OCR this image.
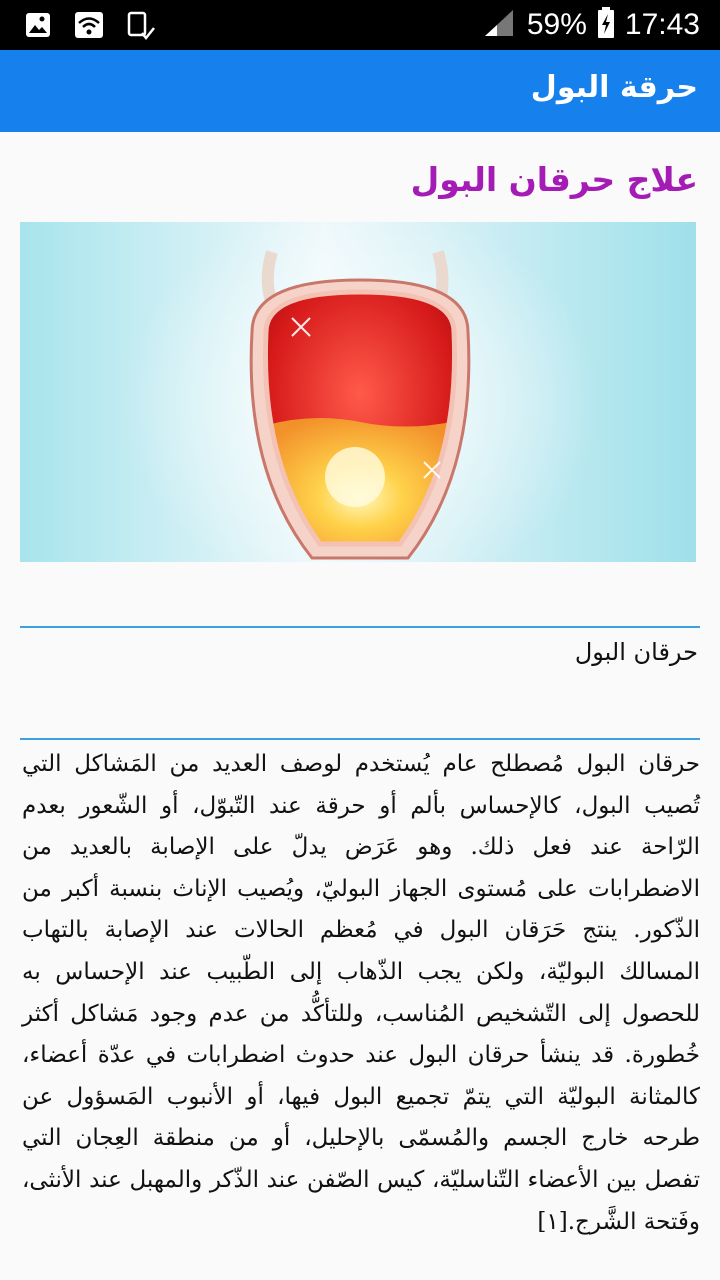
59% 17:43
حرقة البول
علاج حرقان البول
حرقان البول
حرقان البول مُصطلح عام يُستخدم لوصف العديد من المَشاكل التي تُصيب البول، كالإحساس بألم أو حرقة عند التّبوّل، أو الشّعور بعدم الرّاحة عند فعل ذلك. وهو عَرَض يدلّ على الإصابة بالعديد من الاضطرابات على مُستوى الجهاز البوليّ، ويُصيب الإناث بنسبة أكبر من الذّكور. ينتج حَرَقان البول في مُعظم الحالات عند الإصابة بالتهاب المسالك البوليّة، ولكن يجب الذّهاب إلى الطّبيب عند الإحساس به للحصول إلى التّشخيص المُناسب، وللتأكُّد من عدم وجود مَشاكل أكثر خُطورة. قد ينشأ حرقان البول عند حدوث اضطرابات في عدّة أعضاء، كالمثانة البوليّة التي يتمّ تجميع البول فيها، أو الأنبوب المَسؤول عن طرحه خارج الجسم والمُسمّى بالإحليل، أو من منطقة العِجان التي تفصل بين الأعضاء التّناسليّة، كيس الصّفن عند الذّكر والمهبل عند الأنثى، وفَتحة الشَّرج.[١]
